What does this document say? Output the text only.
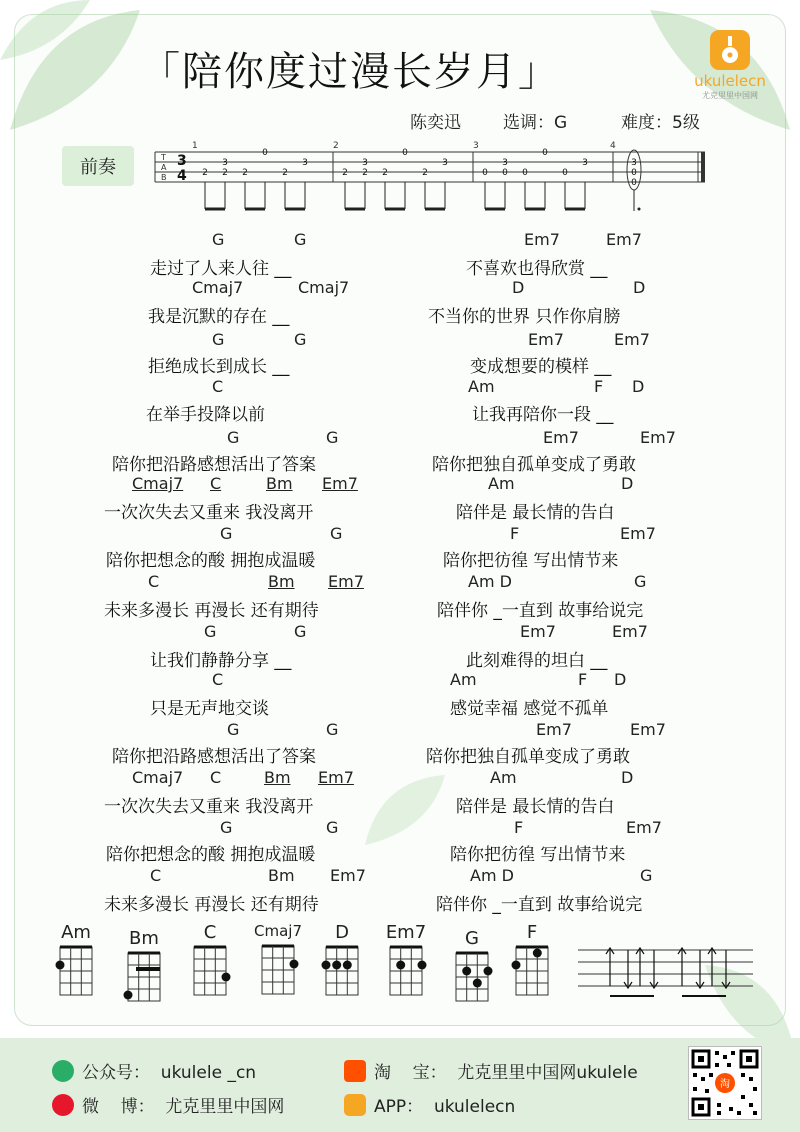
「陪你度过漫长岁月」
陈奕迅 选调：G	难度：5级
ukulelecn
尤克里里中国网
前奏
1	2	3	4
T
A
B
3
4 2 2
3
2
0
2
3
2 2
3
2
0
2
3
0 0
3
0
0
0
3	3
0
0
G	G
走过了人来人往 __
Cmaj7	Cmaj7
我是沉默的存在 __
G	G
拒绝成长到成长 __
C
在举手投降以前
G	G
陪你把沿路感想活出了答案
Cmaj7 C	Bm Em7
一次次失去又重来 我没离开
G	G
陪你把想念的酸 拥抱成温暖
C	Bm Em7
未来多漫长 再漫长 还有期待
G	G
让我们静静分享 __
C
只是无声地交谈
G	G
陪你把沿路感想活出了答案
Cmaj7 C	Bm Em7
一次次失去又重来 我没离开
G	G
陪你把想念的酸 拥抱成温暖
C	Bm Em7
未来多漫长 再漫长 还有期待
Em7	Em7
不喜欢也得欣赏 __
D	D
不当你的世界 只作你肩膀
Em7	Em7
变成想要的模样 __
Am	F D
让我再陪你一段 __
Em7	Em7
陪你把独自孤单变成了勇敢
Am	D
陪伴是 最长情的告白
F	Em7
陪你把彷徨 写出情节来
Am D	G
陪伴你 _一直到 故事给说完
Em7	Em7
此刻难得的坦白 __
Am	F D
感觉幸福 感觉不孤单
Em7	Em7
陪你把独自孤单变成了勇敢
Am	D
陪伴是 最长情的告白
F	Em7
陪你把彷徨 写出情节来
Am D	G
陪伴你 _一直到 故事给说完
Am	Bm	C	Cmaj7	D	Em7	G	F
公众号：  ukulele _cn
微    博：  尤克里里中国网
淘    宝：  尤克里里中国网ukulele
APP：  ukulelecn
淘
